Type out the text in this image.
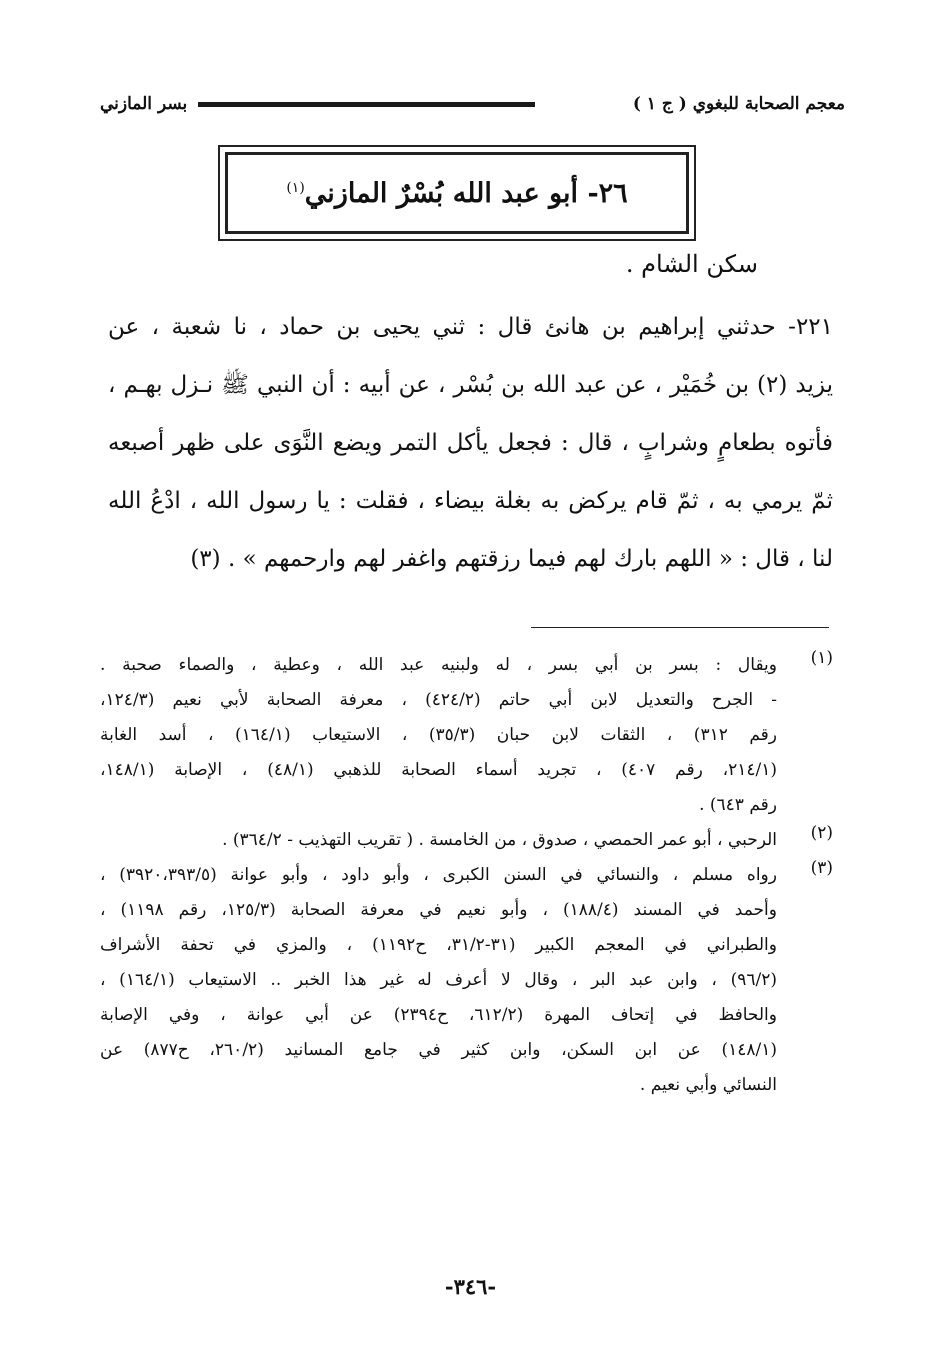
معجم الصحابة للبغوي ( ج ١ )
بسر المازني
٢٦- أبو عبد الله بُسْرٌ المازني$^{(١)}$
سكن الشام .
٢٢١- حدثني إبراهيم بن هانئ قال : ثني يحيى بن حماد ، نا شعبة ، عن
يزيد (٢) بن خُمَيْر ، عن عبد الله بن بُسْر ، عن أبيه : أن النبي ﷺ نـزل بهـم ،
فأتوه بطعامٍ وشرابٍ ، قال : فجعل يأكل التمر ويضع النَّوَى على ظهر أصبعه
ثمّ يرمي به ، ثمّ قام يركض به بغلة بيضاء ، فقلت : يا رسول الله ، ادْعُ الله
لنا ، قال : « اللهم بارك لهم فيما رزقتهم واغفر لهم وارحمهم » . (٣)
(١)
ويقال : بسر بن أبي بسر ، له ولبنيه عبد الله ، وعطية ، والصماء صحبة .
- الجرح والتعديل لابن أبي حاتم (٤٢٤/٢) ، معرفة الصحابة لأبي نعيم (١٢٤/٣،
رقم ٣١٢) ، الثقات لابن حبان (٣٥/٣) ، الاستيعاب (١٦٤/١) ، أسد الغابة
(٢١٤/١، رقم ٤٠٧) ، تجريد أسماء الصحابة للذهبي (٤٨/١) ، الإصابة (١٤٨/١،
رقم ٦٤٣) .
(٢)
الرحبي ، أبو عمر الحمصي ، صدوق ، من الخامسة . ( تقريب التهذيب - ٣٦٤/٢) .
(٣)
رواه مسلم ، والنسائي في السنن الكبرى ، وأبو داود ، وأبو عوانة (٣٩٢٠،٣٩٣/٥) ،
وأحمد في المسند (١٨٨/٤) ، وأبو نعيم في معرفة الصحابة (١٢٥/٣، رقم ١١٩٨) ،
والطبراني في المعجم الكبير (٣١-٣١/٢، ح١١٩٢) ، والمزي في تحفة الأشراف
(٩٦/٢) ، وابن عبد البر ، وقال لا أعرف له غير هذا الخبر .. الاستيعاب (١٦٤/١) ،
والحافظ في إتحاف المهرة (٦١٢/٢، ح٢٣٩٤) عن أبي عوانة ، وفي الإصابة
(١٤٨/١) عن ابن السكن، وابن كثير في جامع المسانيد (٢٦٠/٢، ح٨٧٧) عن
النسائي وأبي نعيم .
-٣٤٦-
